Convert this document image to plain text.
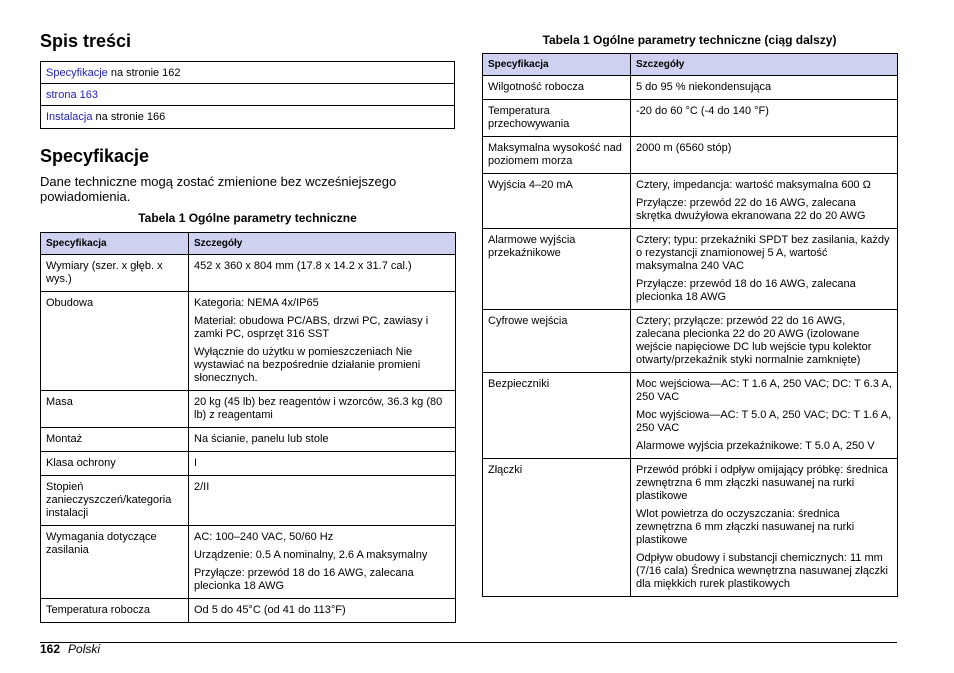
Spis treści
Specyfikacje na stronie 162
strona 163
Instalacja na stronie 166
Specyfikacje

Dane techniczne mogą zostać zmienione bez wcześniejszego powiadomienia.

Tabela 1 Ogólne parametry techniczne
Specyfikacja	Szczegóły
Wymiary (szer. x głęb. x wys.)	452 x 360 x 804 mm (17.8 x 14.2 x 31.7 cal.)

Obudowa	Kategoria: NEMA 4x/IP65

Materiał: obudowa PC/ABS, drzwi PC, zawiasy i zamki PC, osprzęt 316 SST

Wyłącznie do użytku w pomieszczeniach Nie wystawiać na bezpośrednie działanie promieni słonecznych.

Masa	20 kg (45 lb) bez reagentów i wzorców, 36.3 kg (80 lb) z reagentami

Montaż	Na ścianie, panelu lub stole

Klasa ochrony	I

Stopień zanieczyszczeń/kategoria instalacji	2/II

Wymagania dotyczące zasilania	AC: 100–240 VAC, 50/60 Hz

Urządzenie: 0.5 A nominalny, 2.6 A maksymalny

Przyłącze: przewód 18 do 16 AWG, zalecana plecionka 18 AWG

Temperatura robocza	Od 5 do 45°C (od 41 do 113°F)

Tabela 1 Ogólne parametry techniczne (ciąg dalszy)
Specyfikacja	Szczegóły
Wilgotność robocza	5 do 95 % niekondensująca

Temperatura przechowywania	-20 do 60 °C (-4 do 140 °F)

Maksymalna wysokość nad poziomem morza	2000 m (6560 stóp)

Wyjścia 4–20 mA	Cztery, impedancja: wartość maksymalna 600 Ω

Przyłącze: przewód 22 do 16 AWG, zalecana skrętka dwużyłowa ekranowana 22 do 20 AWG

Alarmowe wyjścia przekaźnikowe	Cztery; typu: przekaźniki SPDT bez zasilania, każdy o rezystancji znamionowej 5 A, wartość maksymalna 240 VAC

Przyłącze: przewód 18 do 16 AWG, zalecana plecionka 18 AWG

Cyfrowe wejścia	Cztery; przyłącze: przewód 22 do 16 AWG, zalecana plecionka 22 do 20 AWG (izolowane wejście napięciowe DC lub wejście typu kolektor otwarty/przekaźnik styki normalnie zamknięte)

Bezpieczniki	Moc wejściowa—AC: T 1.6 A, 250 VAC; DC: T 6.3 A, 250 VAC

Moc wyjściowa—AC: T 5.0 A, 250 VAC; DC: T 1.6 A, 250 VAC

Alarmowe wyjścia przekaźnikowe: T 5.0 A, 250 V

Złączki	Przewód próbki i odpływ omijający próbkę: średnica zewnętrzna 6 mm złączki nasuwanej na rurki plastikowe

Wlot powietrza do oczyszczania: średnica zewnętrzna 6 mm złączki nasuwanej na rurki plastikowe

Odpływ obudowy i substancji chemicznych: 11 mm (7/16 cala) Średnica wewnętrzna nasuwanej złączki dla miękkich rurek plastikowych

162 Polski
